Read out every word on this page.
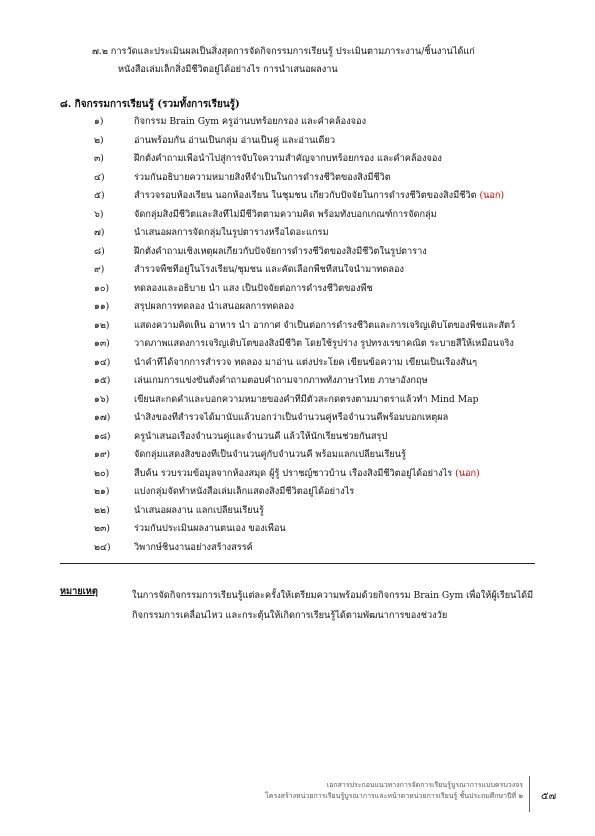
๗.๒ การวัดและประเมินผลเป็นสิ่งสุดการจัดกิจกรรมการเรียนรู้ ประเมินตามภาระงาน/ชิ้นงานได้แก่
หนังสือเล่มเล็กสิ่งมีชีวิตอยู่ได้อย่างไร การนำเสนอผลงาน
๘. กิจกรรมการเรียนรู้ (รวมทั้งการเรียนรู้)
๑)	กิจกรรม Brain Gym ครูอ่านบทร้อยกรอง และคำคล้องจอง
๒)	อ่านพร้อมกัน อ่านเป็นกลุ่ม อ่านเป็นคู่ และอ่านเดี่ยว
๓)	ฝึกตั้งคำถามเพื่อนำไปสู่การจับใจความสำคัญจากบทร้อยกรอง และคำคล้องจอง
๔)	ร่วมกันอธิบายความหมายสิ่งที่จำเป็นในการดำรงชีวิตของสิ่งมีชีวิต
๕)	สำรวจรอบห้องเรียน นอกห้องเรียน ในชุมชน เกี่ยวกับปัจจัยในการดำรงชีวิตของสิ่งมีชีวิต (นอก)
๖)	จัดกลุ่มสิ่งมีชีวิตและสิ่งที่ไม่มีชีวิตตามความคิด พร้อมทั้งบอกเกณฑ์การจัดกลุ่ม
๗)	นำเสนอผลการจัดกลุ่มในรูปตารางหรือไดอะแกรม
๘)	ฝึกตั้งคำถามเชิงเหตุผลเกี่ยวกับปัจจัยการดำรงชีวิตของสิ่งมีชีวิตในรูปตาราง
๙)	สำรวจพืชที่อยู่ในโรงเรียน/ชุมชน และคัดเลือกพืชที่สนใจนำมาทดลอง
๑๐)	ทดลองและอธิบาย น้ำ แสง เป็นปัจจัยต่อการดำรงชีวิตของพืช
๑๑)	สรุปผลการทดลอง นำเสนอผลการทดลอง
๑๒)	แสดงความคิดเห็น อาหาร น้ำ อากาศ จำเป็นต่อการดำรงชีวิตและการเจริญเติบโตของพืชและสัตว์
๑๓)	วาดภาพแสดงการเจริญเติบโตของสิ่งมีชีวิต โดยใช้รูปร่าง รูปทรงเรขาคณิต ระบายสีให้เหมือนจริง
๑๔)	นำคำที่ได้จากการสำรวจ ทดลอง มาอ่าน แต่งประโยค เขียนข้อความ เขียนเป็นเรื่องสั้นๆ
๑๕)	เล่นเกมการแข่งขันตั้งคำถามตอบคำถามจากภาพทั้งภาษาไทย ภาษาอังกฤษ
๑๖)	เขียนสะกดคำและบอกความหมายของคำที่มีตัวสะกดตรงตามมาตราแล้วทำ Mind Map
๑๗)	นำสิ่งของที่สำรวจได้มานับแล้วบอกว่าเป็นจำนวนคู่หรือจำนวนคี่พร้อมบอกเหตุผล
๑๘)	ครูนำเสนอเรื่องจำนวนคู่และจำนวนคี่ แล้วให้นักเรียนช่วยกันสรุป
๑๙)	จัดกลุ่มแสดงสิ่งของที่เป็นจำนวนคู่กับจำนวนคี่ พร้อมแลกเปลี่ยนเรียนรู้
๒๐)	สืบค้น รวบรวมข้อมูลจากห้องสมุด ผู้รู้ ปราชญ์ชาวบ้าน เรื่องสิ่งมีชีวิตอยู่ได้อย่างไร (นอก)
๒๑)	แบ่งกลุ่มจัดทำหนังสือเล่มเล็กแสดงสิ่งมีชีวิตอยู่ได้อย่างไร
๒๒)	นำเสนอผลงาน แลกเปลี่ยนเรียนรู้
๒๓)	ร่วมกันประเมินผลงานตนเอง ของเพื่อน
๒๔)	วิพากษ์ชิ้นงานอย่างสร้างสรรค์
หมายเหตุ	ในการจัดกิจกรรมการเรียนรู้แต่ละครั้งให้เตรียมความพร้อมด้วยกิจกรรม Brain Gym เพื่อให้ผู้เรียนได้มีกิจกรรมการเคลื่อนไหว และกระตุ้นให้เกิดการเรียนรู้ได้ตามพัฒนาการของช่วงวัย
เอกสารประกอบแนวทางการจัดการเรียนรู้บูรณาการแบบครบวงจร
โครงสร้างหน่วยการเรียนรู้บูรณาการและหน้าตาหน่วยการเรียนรู้ ชั้นประถมศึกษาปีที่ ๒ ๕๗
